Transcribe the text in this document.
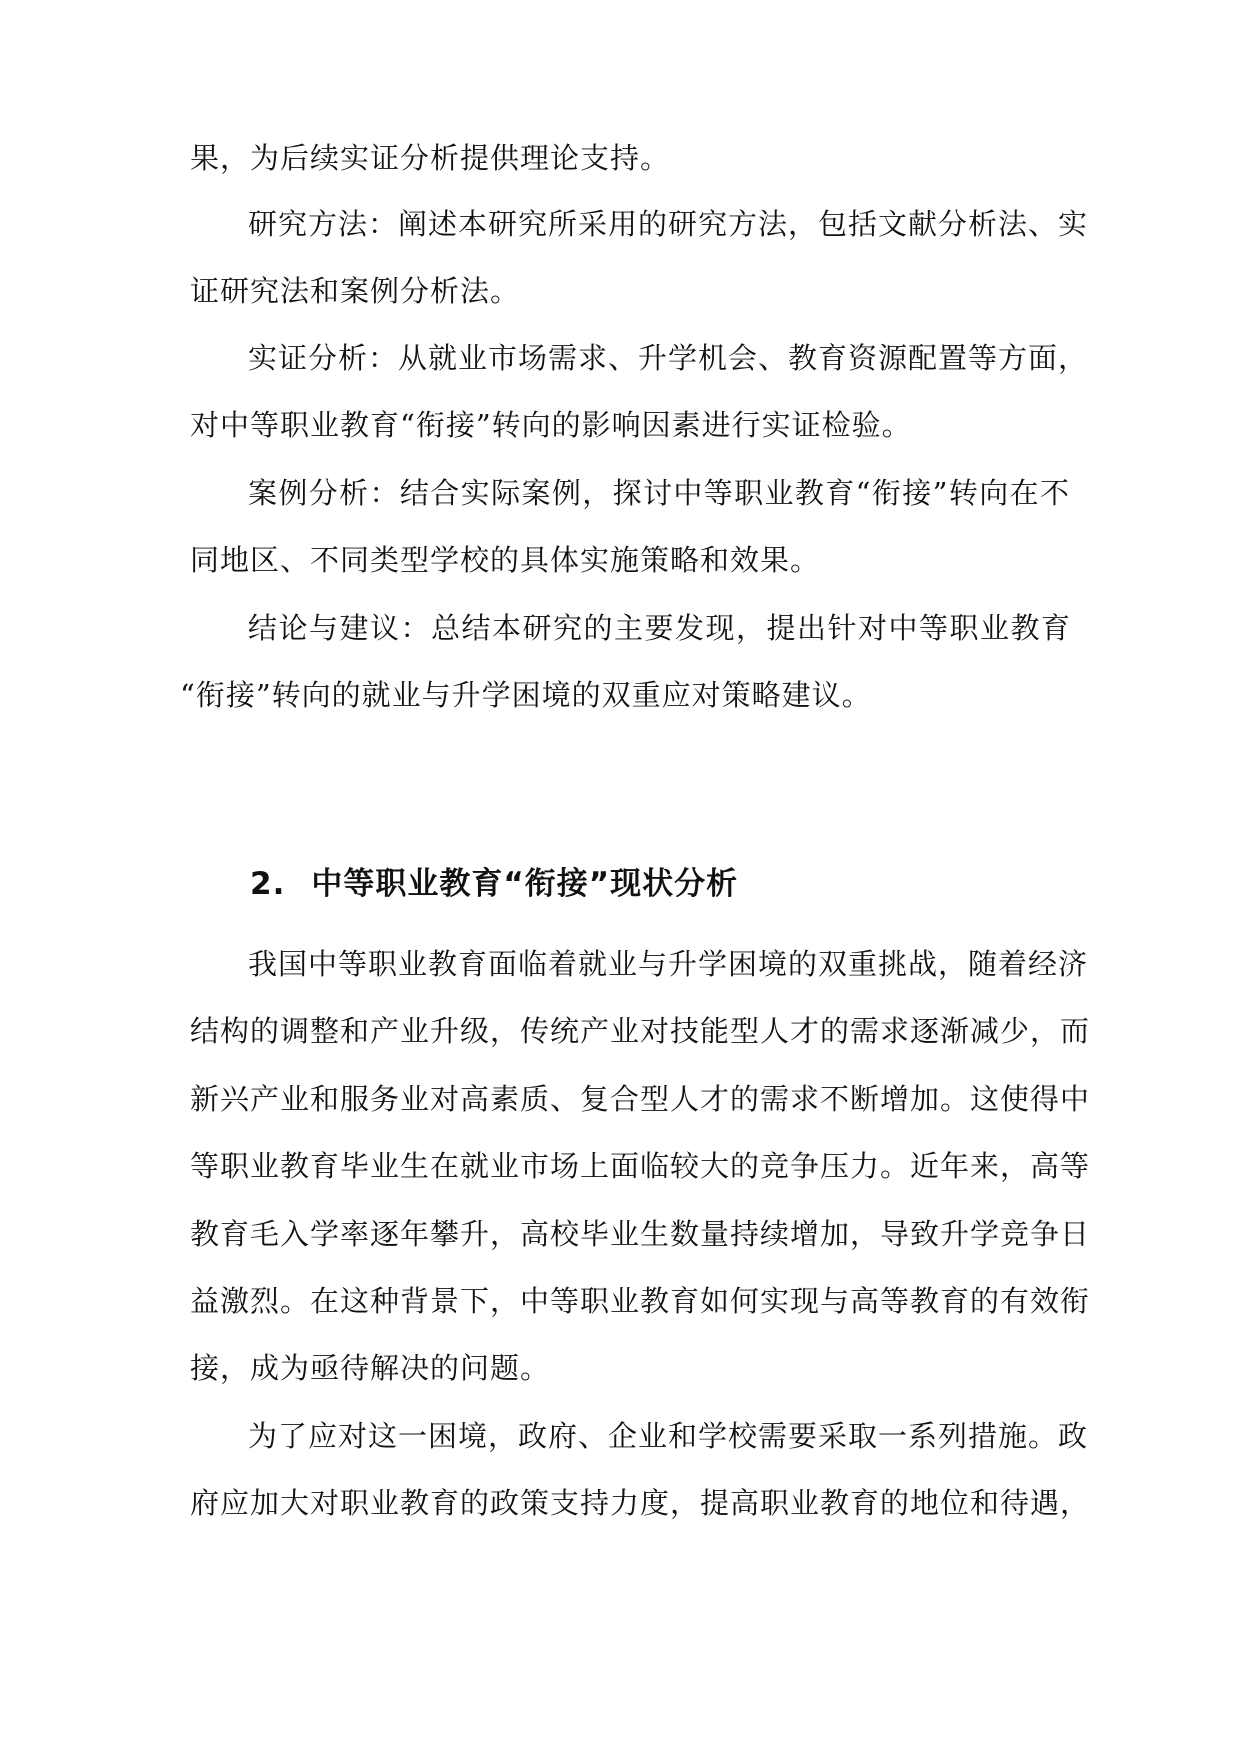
果，为后续实证分析提供理论支持。
研究方法：阐述本研究所采用的研究方法，包括文献分析法、实
证研究法和案例分析法。
实证分析：从就业市场需求、升学机会、教育资源配置等方面，
对中等职业教育“衔接”转向的影响因素进行实证检验。
案例分析：结合实际案例，探讨中等职业教育“衔接”转向在不
同地区、不同类型学校的具体实施策略和效果。
结论与建议：总结本研究的主要发现，提出针对中等职业教育
“衔接”转向的就业与升学困境的双重应对策略建议。
2. 中等职业教育“衔接”现状分析
我国中等职业教育面临着就业与升学困境的双重挑战，随着经济
结构的调整和产业升级，传统产业对技能型人才的需求逐渐减少，而
新兴产业和服务业对高素质、复合型人才的需求不断增加。这使得中
等职业教育毕业生在就业市场上面临较大的竞争压力。近年来，高等
教育毛入学率逐年攀升，高校毕业生数量持续增加，导致升学竞争日
益激烈。在这种背景下，中等职业教育如何实现与高等教育的有效衔
接，成为亟待解决的问题。
为了应对这一困境，政府、企业和学校需要采取一系列措施。政
府应加大对职业教育的政策支持力度，提高职业教育的地位和待遇，
